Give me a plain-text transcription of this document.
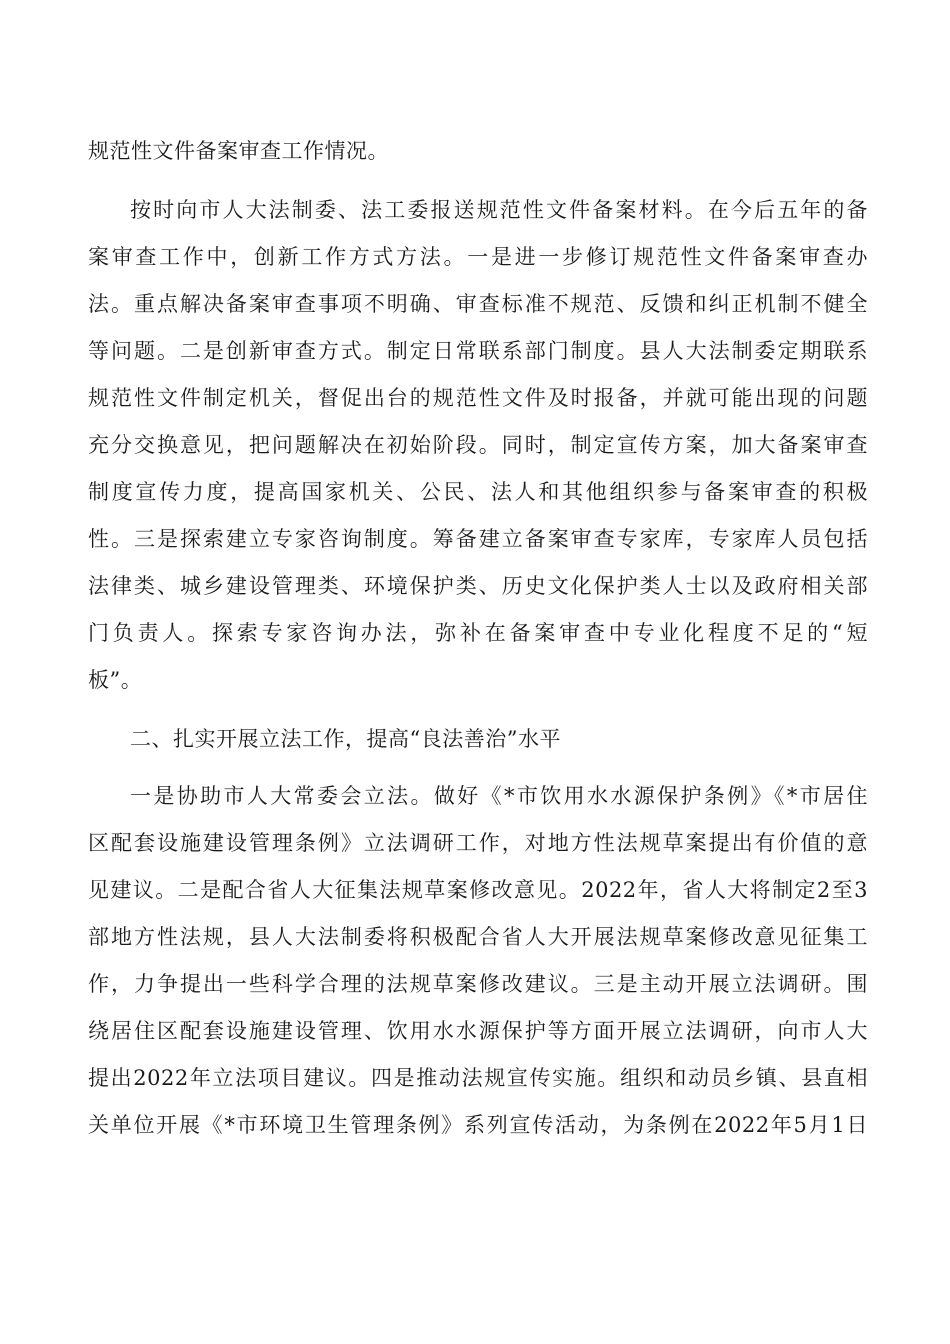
规范性文件备案审查工作情况。
按时向市人大法制委、法工委报送规范性文件备案材料。在今后五年的备
案审查工作中，创新工作方式方法。一是进一步修订规范性文件备案审查办
法。重点解决备案审查事项不明确、审查标准不规范、反馈和纠正机制不健全
等问题。二是创新审查方式。制定日常联系部门制度。县人大法制委定期联系
规范性文件制定机关，督促出台的规范性文件及时报备，并就可能出现的问题
充分交换意见，把问题解决在初始阶段。同时，制定宣传方案，加大备案审查
制度宣传力度，提高国家机关、公民、法人和其他组织参与备案审查的积极
性。三是探索建立专家咨询制度。筹备建立备案审查专家库，专家库人员包括
法律类、城乡建设管理类、环境保护类、历史文化保护类人士以及政府相关部
门负责人。探索专家咨询办法，弥补在备案审查中专业化程度不足的“短
板”。
二、扎实开展立法工作，提高“良法善治”水平
一是协助市人大常委会立法。做好《*市饮用水水源保护条例》《*市居住
区配套设施建设管理条例》立法调研工作，对地方性法规草案提出有价值的意
见建议。二是配合省人大征集法规草案修改意见。2022年，省人大将制定2至3
部地方性法规，县人大法制委将积极配合省人大开展法规草案修改意见征集工
作，力争提出一些科学合理的法规草案修改建议。三是主动开展立法调研。围
绕居住区配套设施建设管理、饮用水水源保护等方面开展立法调研，向市人大
提出2022年立法项目建议。四是推动法规宣传实施。组织和动员乡镇、县直相
关单位开展《*市环境卫生管理条例》系列宣传活动，为条例在2022年5月1日
